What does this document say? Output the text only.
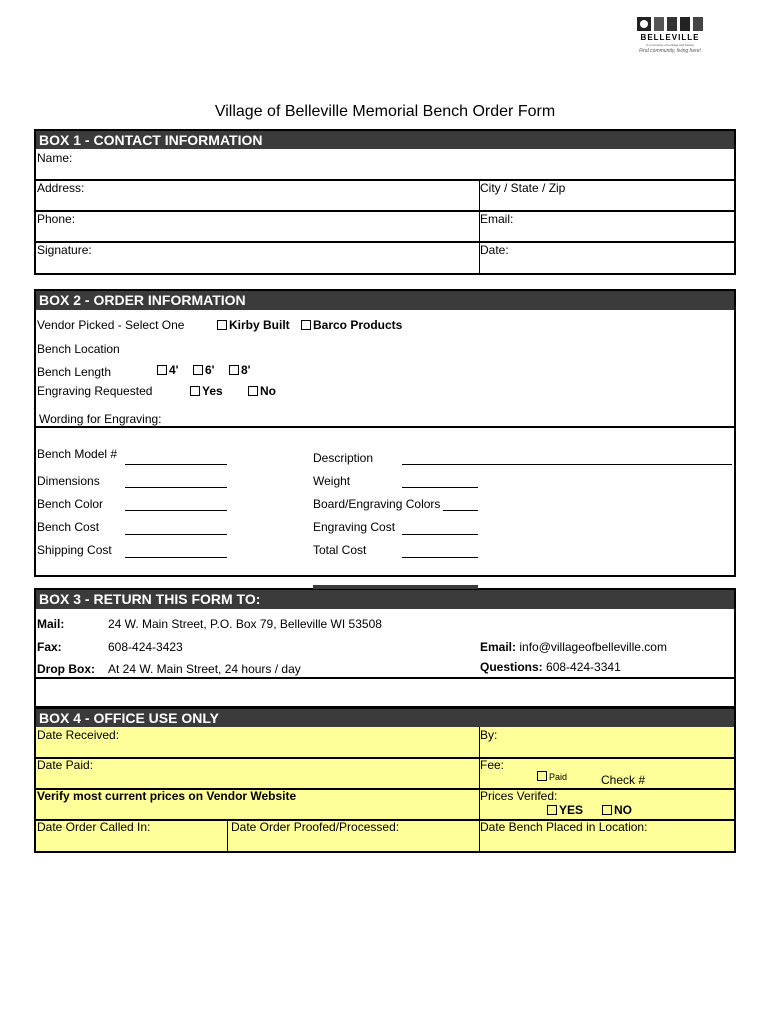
BELLEVILLE
A community of heritage and beauty
Find community, living here!
Village of Belleville Memorial Bench Order Form
BOX 1 - CONTACT INFORMATION
Name:
Address:	City / State / Zip
Phone:	Email:
Signature:	Date:
BOX 2 - ORDER INFORMATION
Vendor Picked - Select One	Kirby Built	Barco Products
Bench Location
Bench Length	4'	6'	8'
Engraving Requested	Yes	No
Wording for Engraving:
Bench Model #	Description
Dimensions	Weight
Bench Color	Board/Engraving Colors
Bench Cost	Engraving Cost
Shipping Cost	Total Cost
BOX 3 - RETURN THIS FORM TO:
Mail:	24 W. Main Street, P.O. Box 79, Belleville WI 53508
Fax:	608-424-3423	Email: info@villageofbelleville.com
Drop Box: At 24 W. Main Street, 24 hours / day	Questions: 608-424-3341
BOX 4 - OFFICE USE ONLY
Date Received:	By:
Date Paid:	Fee:
Paid	Check #
Verify most current prices on Vendor Website	Prices Verifed:
YES	NO
Date Order Called In:	Date Order Proofed/Processed:	Date Bench Placed in Location:
